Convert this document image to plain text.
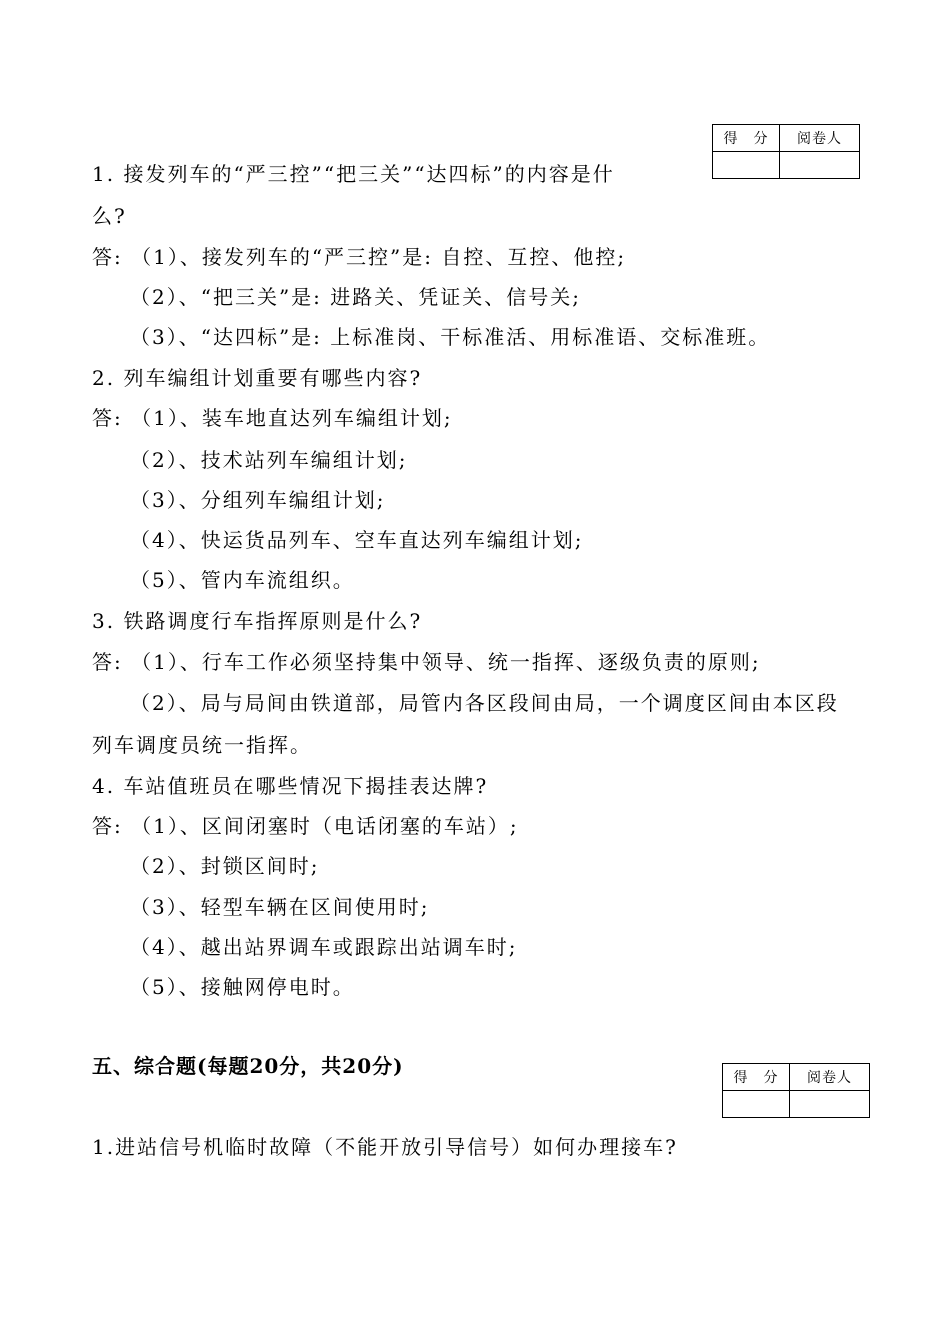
得　分	阅卷人

1. 接发列车的“严三控”“把三关”“达四标”的内容是什
么?
答: （1）、接发列车的“严三控”是: 自控、互控、他控;
（2）、“把三关”是: 进路关、凭证关、信号关;
（3）、“达四标”是: 上标准岗、干标准活、用标准语、交标准班。
2. 列车编组计划重要有哪些内容?
答: （1）、装车地直达列车编组计划;
（2）、技术站列车编组计划;
（3）、分组列车编组计划;
（4）、快运货品列车、空车直达列车编组计划;
（5）、管内车流组织。
3. 铁路调度行车指挥原则是什么?
答: （1）、行车工作必须坚持集中领导、统一指挥、逐级负责的原则;
（2）、局与局间由铁道部，局管内各区段间由局，一个调度区间由本区段
列车调度员统一指挥。
4. 车站值班员在哪些情况下揭挂表达牌?
答: （1）、区间闭塞时（电话闭塞的车站）;
（2）、封锁区间时;
（3）、轻型车辆在区间使用时;
（4）、越出站界调车或跟踪出站调车时;
（5）、接触网停电时。
五、综合题(每题20分，共20分)	得　分	阅卷人

1.进站信号机临时故障（不能开放引导信号）如何办理接车?
